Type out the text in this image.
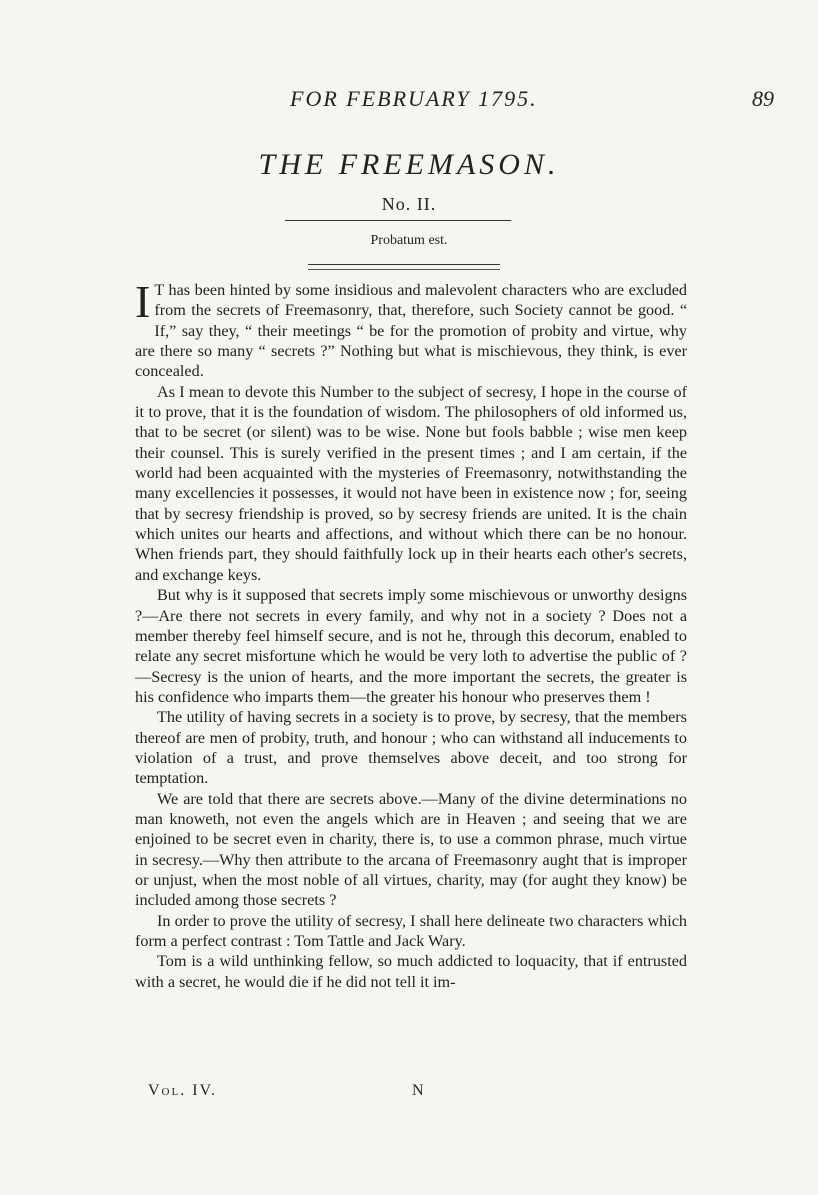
FOR FEBRUARY 1795.	89
THE FREEMASON.
No. II.
Probatum est.

I T has been hinted by some insidious and malevolent characters who are excluded from the secrets of Freemasonry, that, therefore, such Society cannot be good. “ If,” say they, “ their meetings “ be for the promotion of probity and virtue, why are there so many “ secrets ?” Nothing but what is mischievous, they think, is ever concealed.

As I mean to devote this Number to the subject of secresy, I hope in the course of it to prove, that it is the foundation of wisdom. The philosophers of old informed us, that to be secret (or silent) was to be wise. None but fools babble ; wise men keep their counsel. This is surely verified in the present times ; and I am certain, if the world had been acquainted with the mysteries of Freemasonry, notwithstanding the many excellencies it possesses, it would not have been in existence now ; for, seeing that by secresy friendship is proved, so by secresy friends are united. It is the chain which unites our hearts and affections, and without which there can be no honour. When friends part, they should faithfully lock up in their hearts each other's secrets, and exchange keys.

But why is it supposed that secrets imply some mischievous or unworthy designs ?—Are there not secrets in every family, and why not in a society ? Does not a member thereby feel himself secure, and is not he, through this decorum, enabled to relate any secret misfortune which he would be very loth to advertise the public of ?—Secresy is the union of hearts, and the more important the secrets, the greater is his confidence who imparts them—the greater his honour who preserves them !

The utility of having secrets in a society is to prove, by secresy, that the members thereof are men of probity, truth, and honour ; who can withstand all inducements to violation of a trust, and prove themselves above deceit, and too strong for temptation.

We are told that there are secrets above.—Many of the divine determinations no man knoweth, not even the angels which are in Heaven ; and seeing that we are enjoined to be secret even in charity, there is, to use a common phrase, much virtue in secresy.—Why then attribute to the arcana of Freemasonry aught that is improper or unjust, when the most noble of all virtues, charity, may (for aught they know) be included among those secrets ?

In order to prove the utility of secresy, I shall here delineate two characters which form a perfect contrast : Tom Tattle and Jack Wary.

Tom is a wild unthinking fellow, so much addicted to loquacity, that if entrusted with a secret, he would die if he did not tell it im-

Vol. IV.	N
